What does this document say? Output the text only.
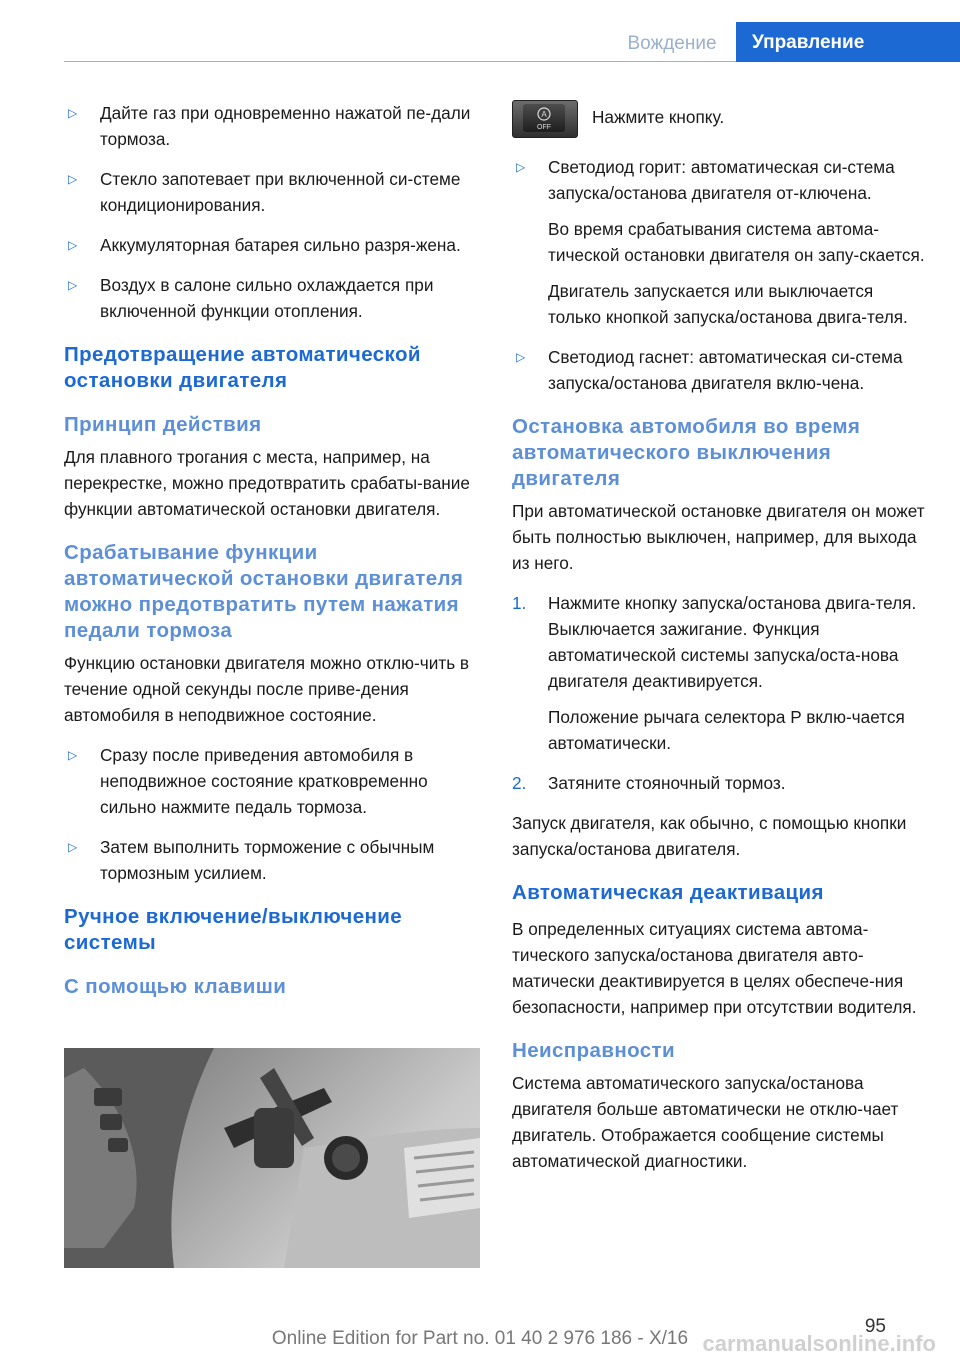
Вождение	Управление
▷ Дайте газ при одновременно нажатой пе-дали тормоза.
▷ Стекло запотевает при включенной си-стеме кондиционирования.
▷ Аккумуляторная батарея сильно разря-жена.
▷ Воздух в салоне сильно охлаждается при включенной функции отопления.
Предотвращение автоматической остановки двигателя
Принцип действия

Для плавного трогания с места, например, на перекрестке, можно предотвратить срабаты-вание функции автоматической остановки двигателя.

Срабатывание функции автоматической остановки двигателя можно предотвратить путем нажатия педали тормоза

Функцию остановки двигателя можно отклю-чить в течение одной секунды после приве-дения автомобиля в неподвижное состояние.

▷ Сразу после приведения автомобиля в неподвижное состояние кратковременно сильно нажмите педаль тормоза.
▷ Затем выполнить торможение с обычным тормозным усилием.
Ручное включение/выключение системы
С помощью клавиши
A
OFF

Нажмите кнопку.

▷ Светодиод горит: автоматическая си-стема запуска/останова двигателя от-ключена.
Во время срабатывания система автома-тической остановки двигателя он запу-скается.
Двигатель запускается или выключается только кнопкой запуска/останова двига-теля.
▷ Светодиод гаснет: автоматическая си-стема запуска/останова двигателя вклю-чена.
Остановка автомобиля во время автоматического выключения двигателя

При автоматической остановке двигателя он может быть полностью выключен, например, для выхода из него.

1. Нажмите кнопку запуска/останова двига-теля. Выключается зажигание. Функция автоматической системы запуска/оста-нова двигателя деактивируется.
Положение рычага селектора P вклю-чается автоматически.
2. Затяните стояночный тормоз.

Запуск двигателя, как обычно, с помощью кнопки запуска/останова двигателя.

Автоматическая деактивация

В определенных ситуациях система автома-тического запуска/останова двигателя авто-матически деактивируется в целях обеспече-ния безопасности, например при отсутствии водителя.

Неисправности

Система автоматического запуска/останова двигателя больше автоматически не отклю-чает двигатель. Отображается сообщение системы автоматической диагностики.

95
Online Edition for Part no. 01 40 2 976 186 - X/16 carmanualsonline.info
